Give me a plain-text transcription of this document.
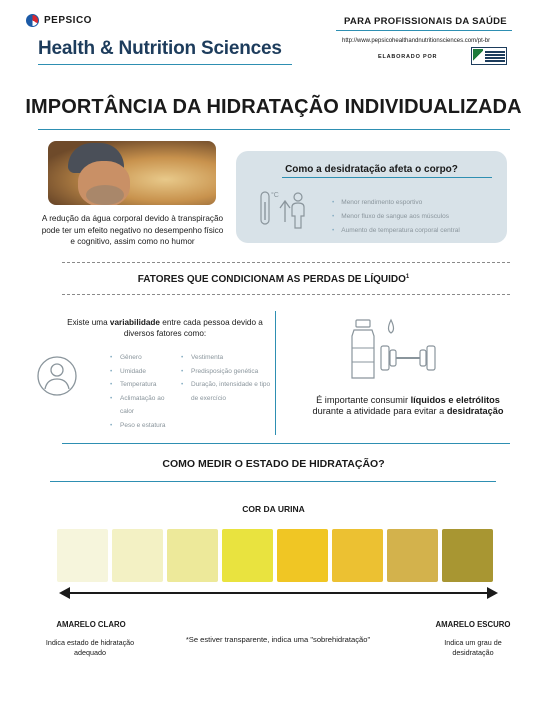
PEPSICO
Health & Nutrition Sciences
PARA PROFISSIONAIS DA SAÚDE
http://www.pepsicohealthandnutritionsciences.com/pt-br
ELABORADO POR
IMPORTÂNCIA DA HIDRATAÇÃO INDIVIDUALIZADA
A redução da água corporal devido à transpiração pode ter um efeito negativo no desempenho físico e cognitivo, assim como no humor
Como a desidratação afeta o corpo?
°C
• Menor rendimento esportivo
• Menor fluxo de sangue aos músculos
• Aumento de temperatura corporal central
FATORES QUE CONDICIONAM AS PERDAS DE LÍQUIDO$^1$
Existe uma variabilidade entre cada pessoa devido a diversos fatores como:
• Gênero
• Umidade
• Temperatura
• Aclimatação ao calor
• Peso e estatura
• Vestimenta
• Predisposição genética
• Duração, intensidade e tipo de exercício	É importante consumir líquidos e eletrólitos durante a atividade para evitar a desidratação
COMO MEDIR O ESTADO DE HIDRATAÇÃO?
COR DA URINA
AMARELO CLARO
Indica estado de hidratação adequado
*Se estiver transparente, indica uma "sobrehidratação"
AMARELO ESCURO
Indica um grau de desidratação
